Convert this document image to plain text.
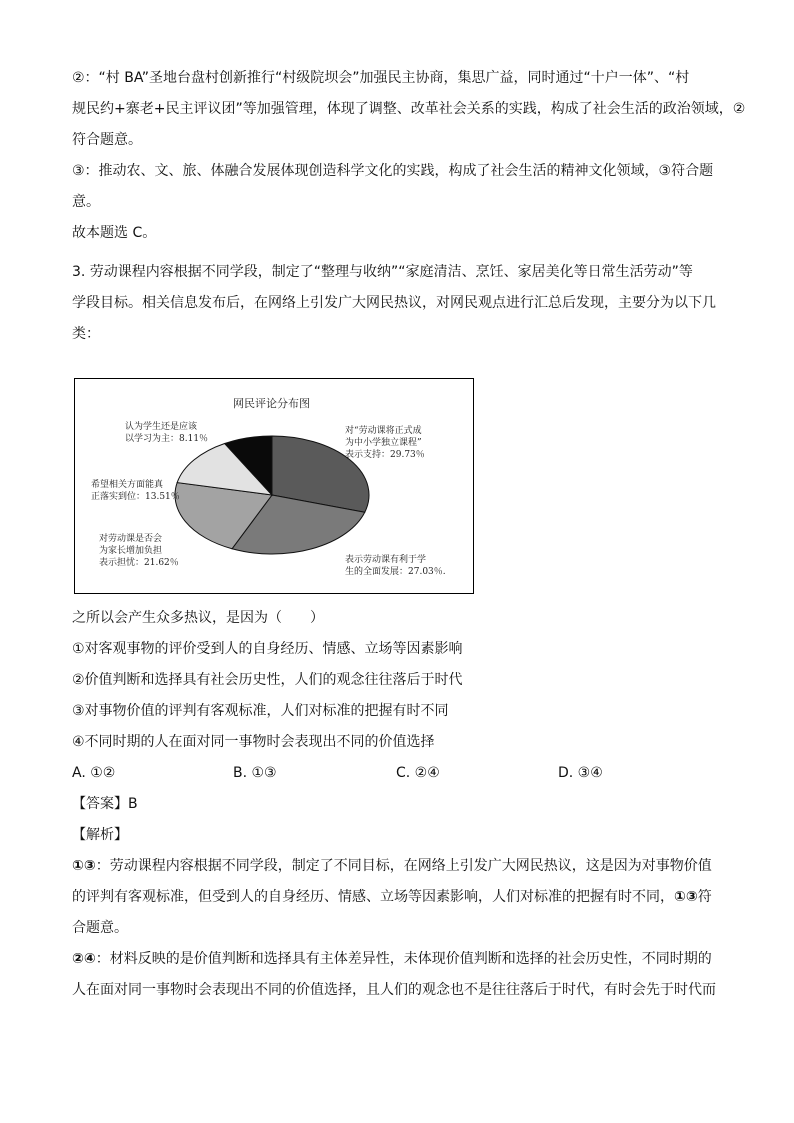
②：“村 BA”圣地台盘村创新推行“村级院坝会”加强民主协商，集思广益，同时通过“十户一体”、“村
规民约+寨老+民主评议团”等加强管理，体现了调整、改革社会关系的实践，构成了社会生活的政治领域，②
符合题意。
③：推动农、文、旅、体融合发展体现创造科学文化的实践，构成了社会生活的精神文化领域，③符合题
意。
故本题选 C。
3. 劳动课程内容根据不同学段，制定了“整理与收纳”“家庭清洁、烹饪、家居美化等日常生活劳动”等
学段目标。相关信息发布后，在网络上引发广大网民热议，对网民观点进行汇总后发现，主要分为以下几
类：
网民评论分布图
对“劳动课将正式成
为中小学独立课程”
表示支持：29.73％
表示劳动课有利于学
生的全面发展：27.03％.
对劳动课是否会
为家长增加负担
表示担忧：21.62％
希望相关方面能真
正落实到位：13.51％
认为学生还是应该
以学习为主：8.11％
之所以会产生众多热议，是因为（　　）
①对客观事物的评价受到人的自身经历、情感、立场等因素影响
②价值判断和选择具有社会历史性，人们的观念往往落后于时代
③对事物价值的评判有客观标准，人们对标准的把握有时不同
④不同时期的人在面对同一事物时会表现出不同的价值选择
A. ①②	B. ①③	C. ②④	D. ③④
【答案】B
【解析】
①③：劳动课程内容根据不同学段，制定了不同目标，在网络上引发广大网民热议，这是因为对事物价值
的评判有客观标准，但受到人的自身经历、情感、立场等因素影响，人们对标准的把握有时不同，①③符
合题意。
②④：材料反映的是价值判断和选择具有主体差异性，未体现价值判断和选择的社会历史性，不同时期的
人在面对同一事物时会表现出不同的价值选择，且人们的观念也不是往往落后于时代，有时会先于时代而
